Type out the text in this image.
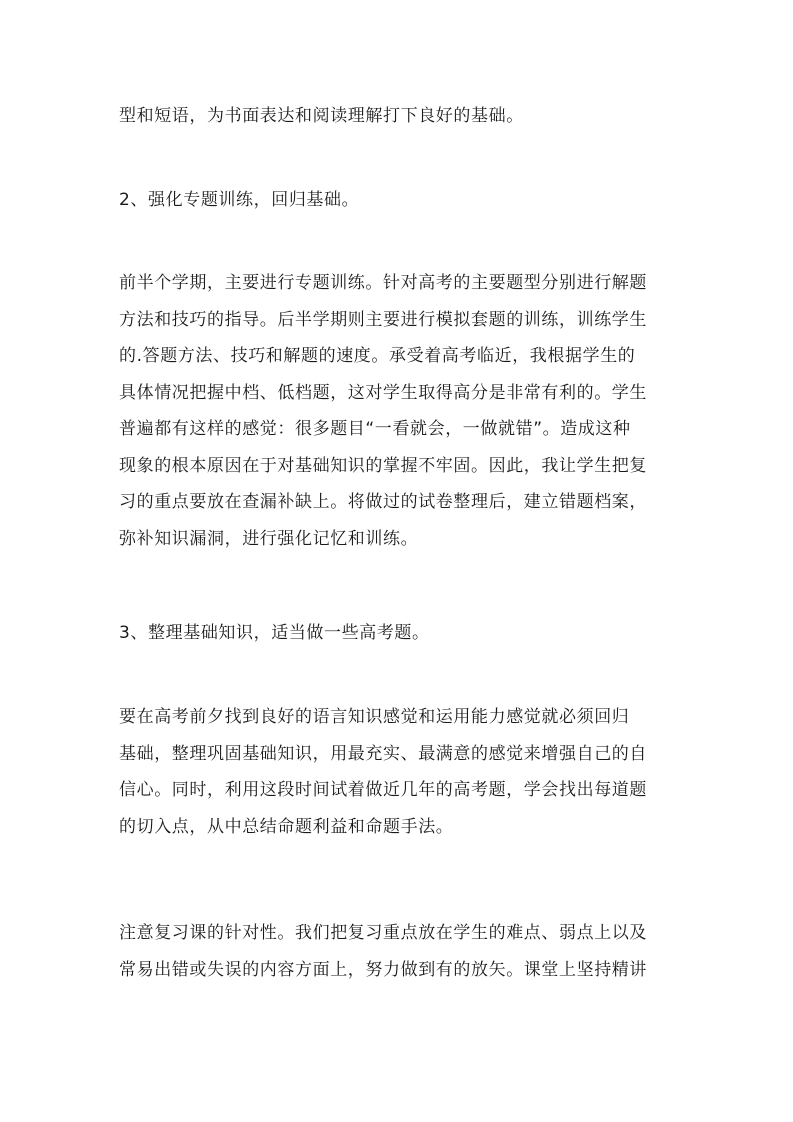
型和短语，为书面表达和阅读理解打下良好的基础。

2、强化专题训练，回归基础。

前半个学期，主要进行专题训练。针对高考的主要题型分别进行解题
方法和技巧的指导。后半学期则主要进行模拟套题的训练，训练学生
的.答题方法、技巧和解题的速度。承受着高考临近，我根据学生的
具体情况把握中档、低档题，这对学生取得高分是非常有利的。学生
普遍都有这样的感觉：很多题目“一看就会，一做就错”。造成这种
现象的根本原因在于对基础知识的掌握不牢固。因此，我让学生把复
习的重点要放在查漏补缺上。将做过的试卷整理后，建立错题档案，
弥补知识漏洞，进行强化记忆和训练。

3、整理基础知识，适当做一些高考题。

要在高考前夕找到良好的语言知识感觉和运用能力感觉就必须回归
基础，整理巩固基础知识，用最充实、最满意的感觉来增强自己的自
信心。同时，利用这段时间试着做近几年的高考题，学会找出每道题
的切入点，从中总结命题利益和命题手法。

注意复习课的针对性。我们把复习重点放在学生的难点、弱点上以及
常易出错或失误的内容方面上，努力做到有的放矢。课堂上坚持精讲
